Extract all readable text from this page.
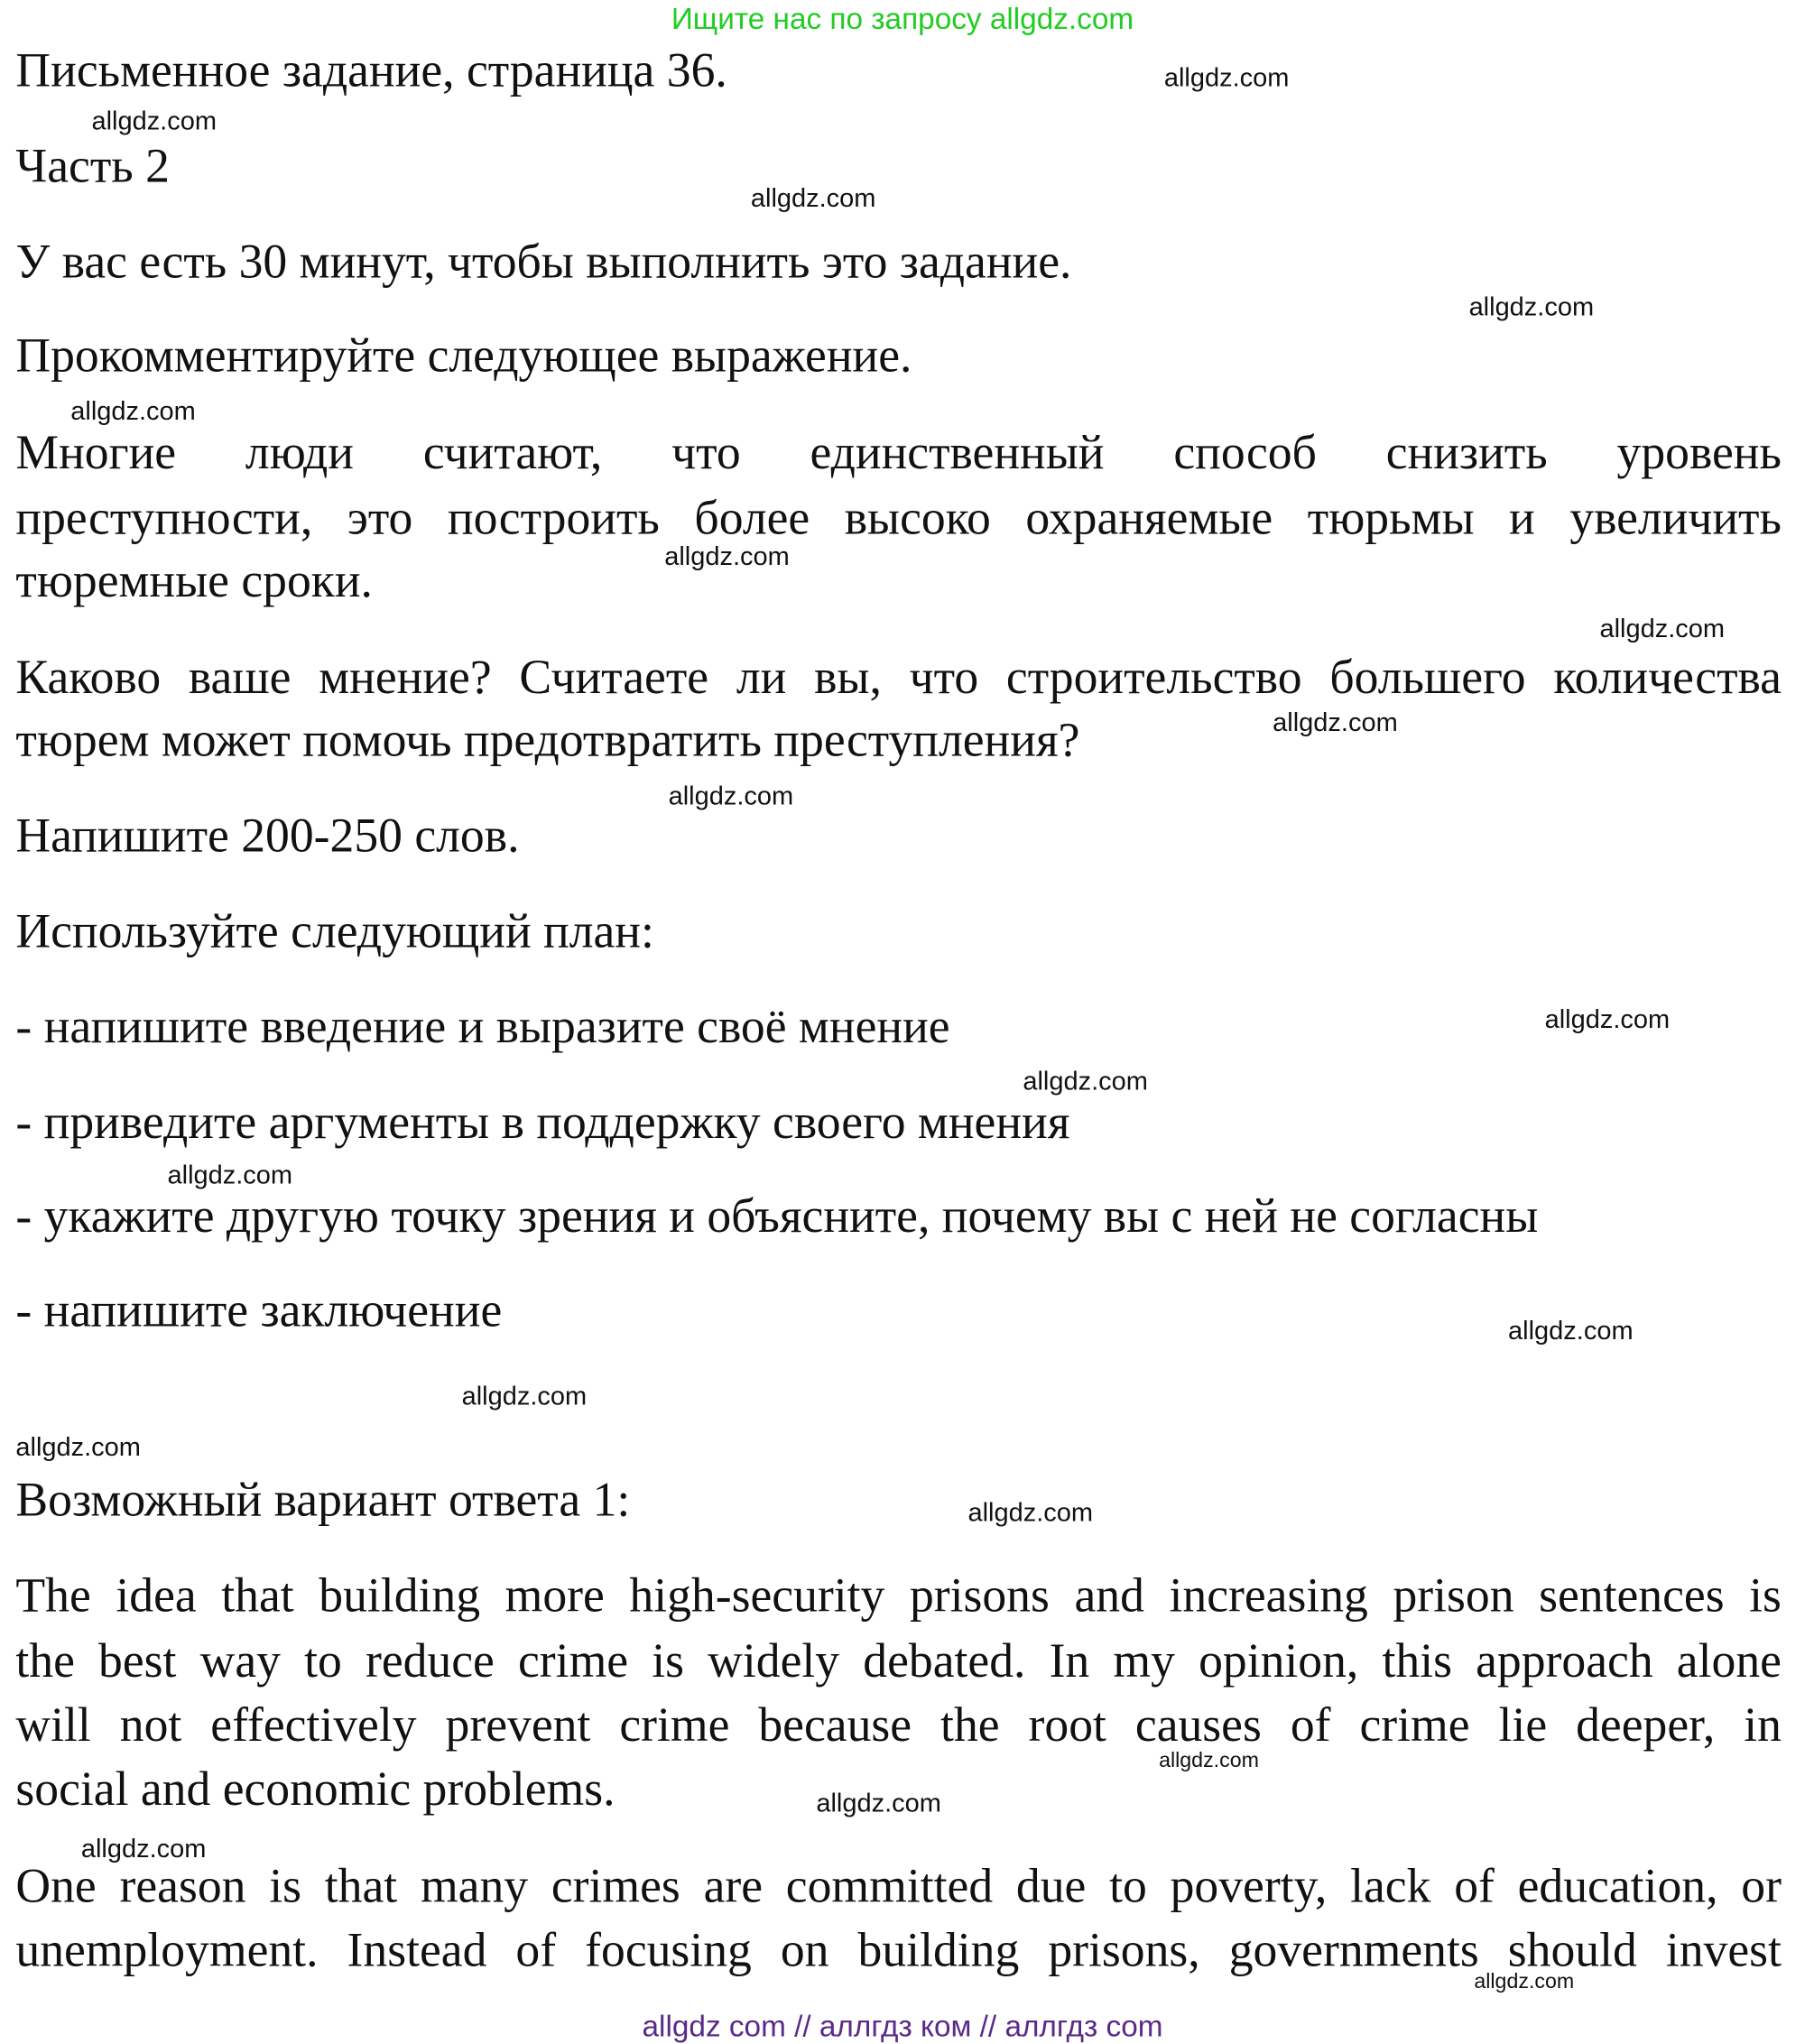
Ищите нас по запросу allgdz.com
Письменное задание, страница 36.
Часть 2
У вас есть 30 минут, чтобы выполнить это задание.
Прокомментируйте следующее выражение.
Многие люди считают, что единственный способ снизить уровень
преступности, это построить более высоко охраняемые тюрьмы и увеличить
тюремные сроки.
Каково ваше мнение? Считаете ли вы, что строительство большего количества
тюрем может помочь предотвратить преступления?
Напишите 200-250 слов.
Используйте следующий план:
- напишите введение и выразите своё мнение
- приведите аргументы в поддержку своего мнения
- укажите другую точку зрения и объясните, почему вы с ней не согласны
- напишите заключение
Возможный вариант ответа 1:
The idea that building more high-security prisons and increasing prison sentences is
the best way to reduce crime is widely debated. In my opinion, this approach alone
will not effectively prevent crime because the root causes of crime lie deeper, in
social and economic problems.
One reason is that many crimes are committed due to poverty, lack of education, or
unemployment. Instead of focusing on building prisons, governments should invest
allgdz.com
allgdz.com
allgdz.com
allgdz.com
allgdz.com
allgdz.com
allgdz.com
allgdz.com
allgdz.com
allgdz.com
allgdz.com
allgdz.com
allgdz.com
allgdz.com
allgdz.com
allgdz.com
allgdz.com
allgdz.com
allgdz.com
allgdz.com
allgdz com // аллгдз ком // аллгдз com
